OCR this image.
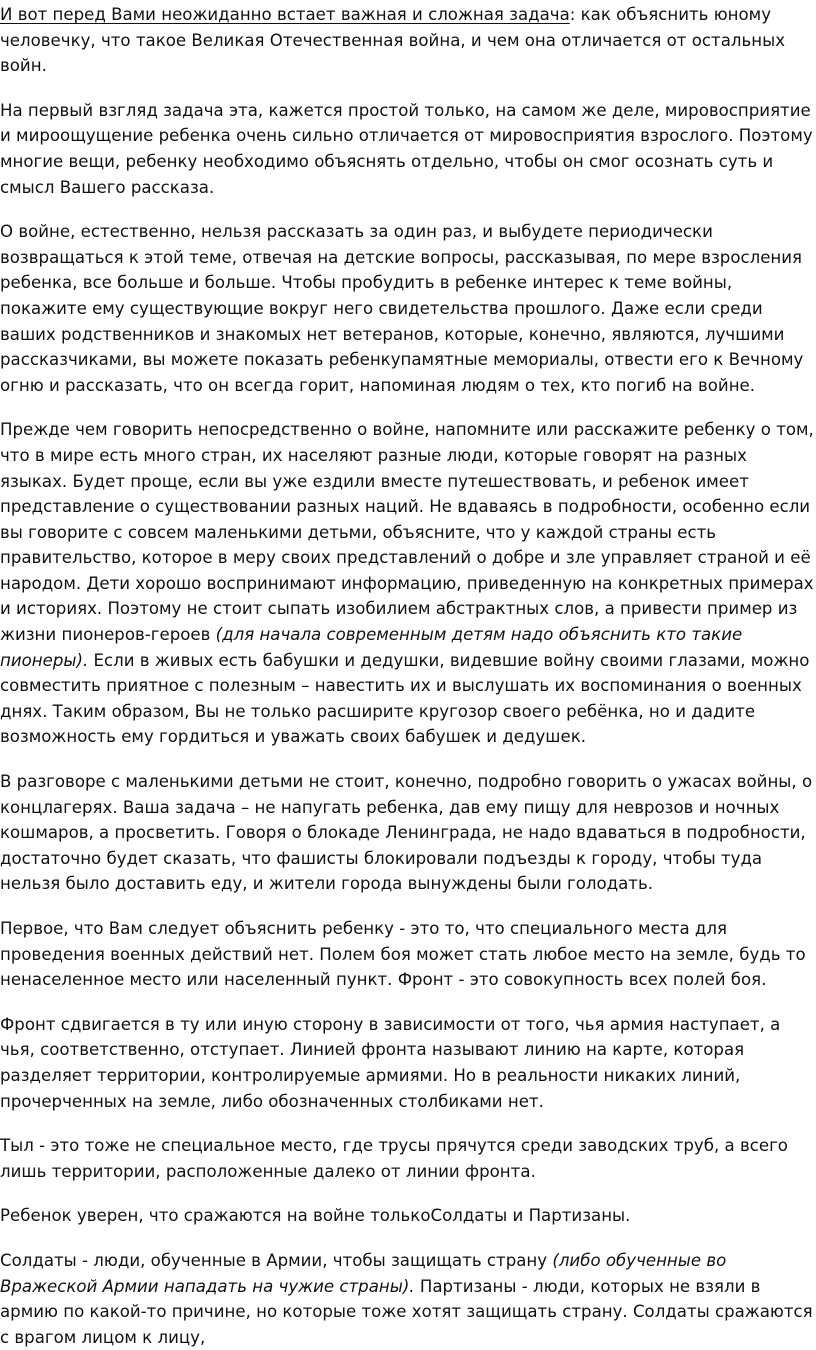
И вот перед Вами неожиданно встает важная и сложная задача: как объяснить юному человечку, что такое Великая Отечественная война, и чем она отличается от остальных войн.

На первый взгляд задача эта, кажется простой только, на самом же деле, мировосприятие и мироощущение ребенка очень сильно отличается от мировосприятия взрослого. Поэтому многие вещи, ребенку необходимо объяснять отдельно, чтобы он смог осознать суть и смысл Вашего рассказа.

О войне, естественно, нельзя рассказать за один раз, и выбудете периодически возвращаться к этой теме, отвечая на детские вопросы, рассказывая, по мере взросления ребенка, все больше и больше. Чтобы пробудить в ребенке интерес к теме войны, покажите ему существующие вокруг него свидетельства прошлого. Даже если среди ваших родственников и знакомых нет ветеранов, которые, конечно, являются, лучшими рассказчиками, вы можете показать ребенкупамятные мемориалы, отвести его к Вечному огню и рассказать, что он всегда горит, напоминая людям о тех, кто погиб на войне.

Прежде чем говорить непосредственно о войне, напомните или расскажите ребенку о том, что в мире есть много стран, их населяют разные люди, которые говорят на разных языках. Будет проще, если вы уже ездили вместе путешествовать, и ребенок имеет представление о существовании разных наций. Не вдаваясь в подробности, особенно если вы говорите с совсем маленькими детьми, объясните, что у каждой страны есть правительство, которое в меру своих представлений о добре и зле управляет страной и её народом. Дети хорошо воспринимают информацию, приведенную на конкретных примерах и историях. Поэтому не стоит сыпать изобилием абстрактных слов, а привести пример из жизни пионеров-героев (для начала современным детям надо объяснить кто такие пионеры). Если в живых есть бабушки и дедушки, видевшие войну своими глазами, можно совместить приятное с полезным – навестить их и выслушать их воспоминания о военных днях. Таким образом, Вы не только расширите кругозор своего ребёнка, но и дадите возможность ему гордиться и уважать своих бабушек и дедушек.

В разговоре с маленькими детьми не стоит, конечно, подробно говорить о ужасах войны, о концлагерях. Ваша задача – не напугать ребенка, дав ему пищу для неврозов и ночных кошмаров, а просветить. Говоря о блокаде Ленинграда, не надо вдаваться в подробности, достаточно будет сказать, что фашисты блокировали подъезды к городу, чтобы туда нельзя было доставить еду, и жители города вынуждены были голодать.

Первое, что Вам следует объяснить ребенку - это то, что специального места для проведения военных действий нет. Полем боя может стать любое место на земле, будь то ненаселенное место или населенный пункт. Фронт - это совокупность всех полей боя.

Фронт сдвигается в ту или иную сторону в зависимости от того, чья армия наступает, а чья, соответственно, отступает. Линией фронта называют линию на карте, которая разделяет территории, контролируемые армиями. Но в реальности никаких линий, прочерченных на земле, либо обозначенных столбиками нет.

Тыл - это тоже не специальное место, где трусы прячутся среди заводских труб, а всего лишь территории, расположенные далеко от линии фронта.

Ребенок уверен, что сражаются на войне толькоСолдаты и Партизаны.

Солдаты - люди, обученные в Армии, чтобы защищать страну (либо обученные во Вражеской Армии нападать на чужие страны). Партизаны - люди, которых не взяли в армию по какой-то причине, но которые тоже хотят защищать страну. Солдаты сражаются с врагом лицом к лицу,
